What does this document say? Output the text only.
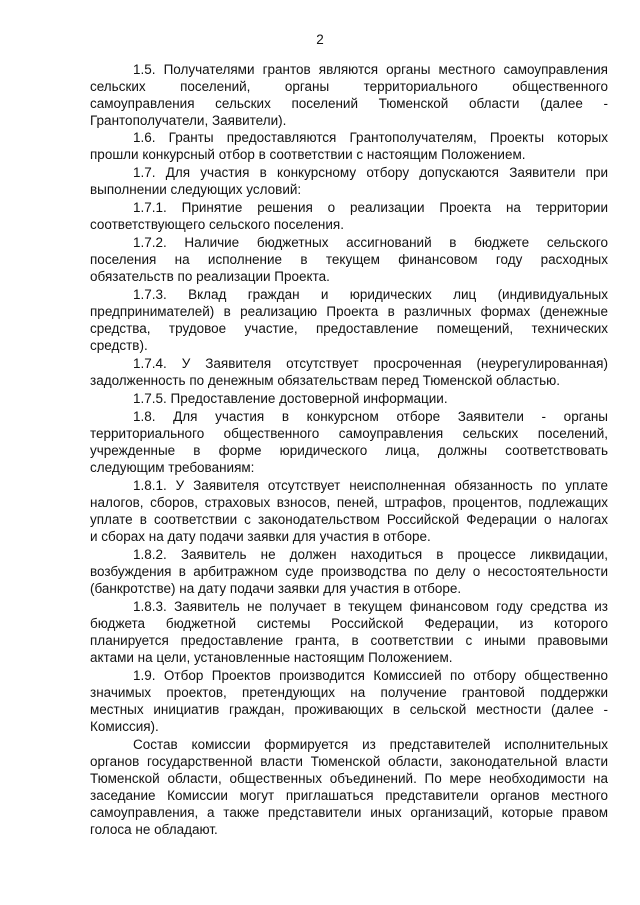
2
1.5. Получателями грантов являются органы местного самоуправления
сельских поселений, органы территориального общественного
самоуправления сельских поселений Тюменской области (далее -
Грантополучатели, Заявители).
1.6. Гранты предоставляются Грантополучателям, Проекты которых
прошли конкурсный отбор в соответствии с настоящим Положением.
1.7. Для участия в конкурсному отбору допускаются Заявители при
выполнении следующих условий:
1.7.1. Принятие решения о реализации Проекта на территории
соответствующего сельского поселения.
1.7.2. Наличие бюджетных ассигнований в бюджете сельского
поселения на исполнение в текущем финансовом году расходных
обязательств по реализации Проекта.
1.7.3. Вклад граждан и юридических лиц (индивидуальных
предпринимателей) в реализацию Проекта в различных формах (денежные
средства, трудовое участие, предоставление помещений, технических
средств).
1.7.4. У Заявителя отсутствует просроченная (неурегулированная)
задолженность по денежным обязательствам перед Тюменской областью.
1.7.5. Предоставление достоверной информации.
1.8. Для участия в конкурсном отборе Заявители - органы
территориального общественного самоуправления сельских поселений,
учрежденные в форме юридического лица, должны соответствовать
следующим требованиям:
1.8.1. У Заявителя отсутствует неисполненная обязанность по уплате
налогов, сборов, страховых взносов, пеней, штрафов, процентов, подлежащих
уплате в соответствии с законодательством Российской Федерации о налогах
и сборах на дату подачи заявки для участия в отборе.
1.8.2. Заявитель не должен находиться в процессе ликвидации,
возбуждения в арбитражном суде производства по делу о несостоятельности
(банкротстве) на дату подачи заявки для участия в отборе.
1.8.3. Заявитель не получает в текущем финансовом году средства из
бюджета бюджетной системы Российской Федерации, из которого
планируется предоставление гранта, в соответствии с иными правовыми
актами на цели, установленные настоящим Положением.
1.9. Отбор Проектов производится Комиссией по отбору общественно
значимых проектов, претендующих на получение грантовой поддержки
местных инициатив граждан, проживающих в сельской местности (далее -
Комиссия).
Состав комиссии формируется из представителей исполнительных
органов государственной власти Тюменской области, законодательной власти
Тюменской области, общественных объединений. По мере необходимости на
заседание Комиссии могут приглашаться представители органов местного
самоуправления, а также представители иных организаций, которые правом
голоса не обладают.
